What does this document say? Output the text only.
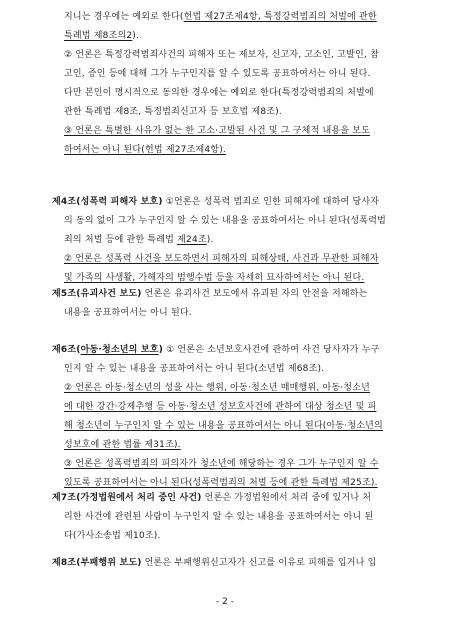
지니는 경우에는 예외로 한다(헌법 제27조제4항, 특정강력범죄의 처벌에 관한
특례법 제8조의2).
② 언론은 특정강력범죄사건의 피해자 또는 제보자, 신고자, 고소인, 고발인, 참
고인, 증인 등에 대해 그가 누구인지를 알 수 있도록 공표하여서는 아니 된다.
다만 본인이 명시적으로 동의한 경우에는 예외로 한다(특정강력범죄의 처벌에
관한 특례법 제8조, 특정범죄신고자 등 보호법 제8조).
③ 언론은 특별한 사유가 없는 한 고소·고발된 사건 및 그 구체적 내용을 보도
하여서는 아니 된다(헌법 제27조제4항).
제4조(성폭력 피해자 보호) ①언론은 성폭력 범죄로 인한 피해자에 대하여 당사자
의 동의 없이 그가 누구인지 알 수 있는 내용을 공표하여서는 아니 된다(성폭력범
죄의 처벌 등에 관한 특례법 제24조).
② 언론은 성폭력 사건을 보도하면서 피해자의 피해상태, 사건과 무관한 피해자
및 가족의 사생활, 가해자의 범행수법 등을 자세히 묘사하여서는 아니 된다.
제5조(유괴사건 보도) 언론은 유괴사건 보도에서 유괴된 자의 안전을 저해하는
내용을 공표하여서는 아니 된다.
제6조(아동·청소년의 보호) ① 언론은 소년보호사건에 관하여 사건 당사자가 누구
인지 알 수 있는 내용을 공표하여서는 아니 된다(소년법 제68조).
② 언론은 아동·청소년의 성을 사는 행위, 아동·청소년 매매행위, 아동·청소년
에 대한 강간·강제추행 등 아동·청소년 성보호사건에 관하여 대상 청소년 및 피
해 청소년이 누구인지 알 수 있는 내용을 공표하여서는 아니 된다(아동·청소년의
성보호에 관한 법률 제31조).
③ 언론은 성폭력범죄의 피의자가 청소년에 해당하는 경우 그가 누구인지 알 수
있도록 공표하여서는 아니 된다(성폭력범죄의 처벌 등에 관한 특례법 제25조).
제7조(가정법원에서 처리 중인 사건) 언론은 가정법원에서 처리 중에 있거나 처
리한 사건에 관련된 사람이 누구인지 알 수 있는 내용을 공표하여서는 아니 된
다(가사소송법 제10조).
제8조(부패행위 보도) 언론은 부패행위신고자가 신고를 이유로 피해를 입거나 입
- 2 -
